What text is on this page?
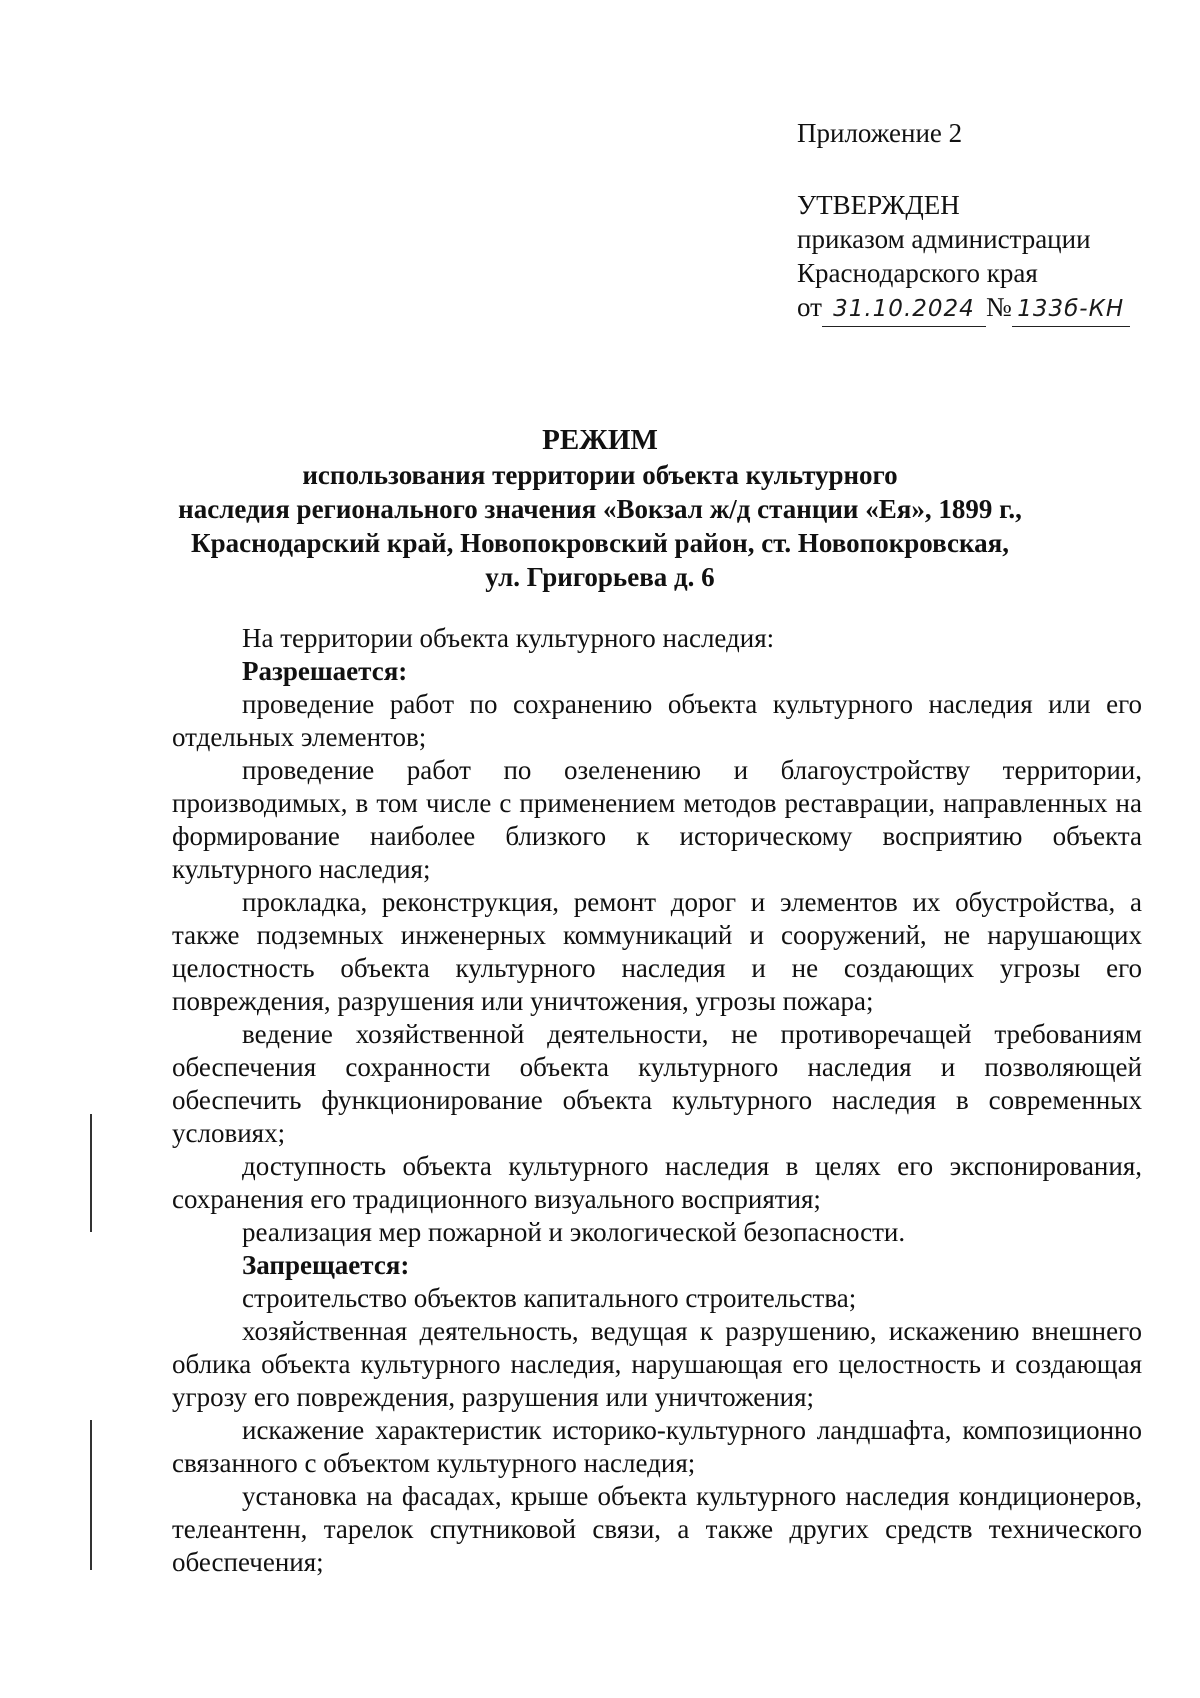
Приложение 2
УТВЕРЖДЕН
приказом администрации
Краснодарского края
от 31.10.2024 № 133б-КН
РЕЖИМ
использования территории объекта культурного
наследия регионального значения «Вокзал ж/д станции «Ея», 1899 г.,
Краснодарский край, Новопокровский район, ст. Новопокровская,
ул. Григорьева д. 6

На территории объекта культурного наследия:

Разрешается:

проведение работ по сохранению объекта культурного наследия или его отдельных элементов;

проведение работ по озеленению и благоустройству территории, производимых, в том числе с применением методов реставрации, направленных на формирование наиболее близкого к историческому восприятию объекта культурного наследия;

прокладка, реконструкция, ремонт дорог и элементов их обустройства, а также подземных инженерных коммуникаций и сооружений, не нарушающих целостность объекта культурного наследия и не создающих угрозы его повреждения, разрушения или уничтожения, угрозы пожара;

ведение хозяйственной деятельности, не противоречащей требованиям обеспечения сохранности объекта культурного наследия и позволяющей обеспечить функционирование объекта культурного наследия в современных условиях;

доступность объекта культурного наследия в целях его экспонирования, сохранения его традиционного визуального восприятия;

реализация мер пожарной и экологической безопасности.

Запрещается:

строительство объектов капитального строительства;

хозяйственная деятельность, ведущая к разрушению, искажению внешнего облика объекта культурного наследия, нарушающая его целостность и создающая угрозу его повреждения, разрушения или уничтожения;

искажение характеристик историко-культурного ландшафта, композиционно связанного с объектом культурного наследия;

установка на фасадах, крыше объекта культурного наследия кондиционеров, телеантенн, тарелок спутниковой связи, а также других средств технического обеспечения;
